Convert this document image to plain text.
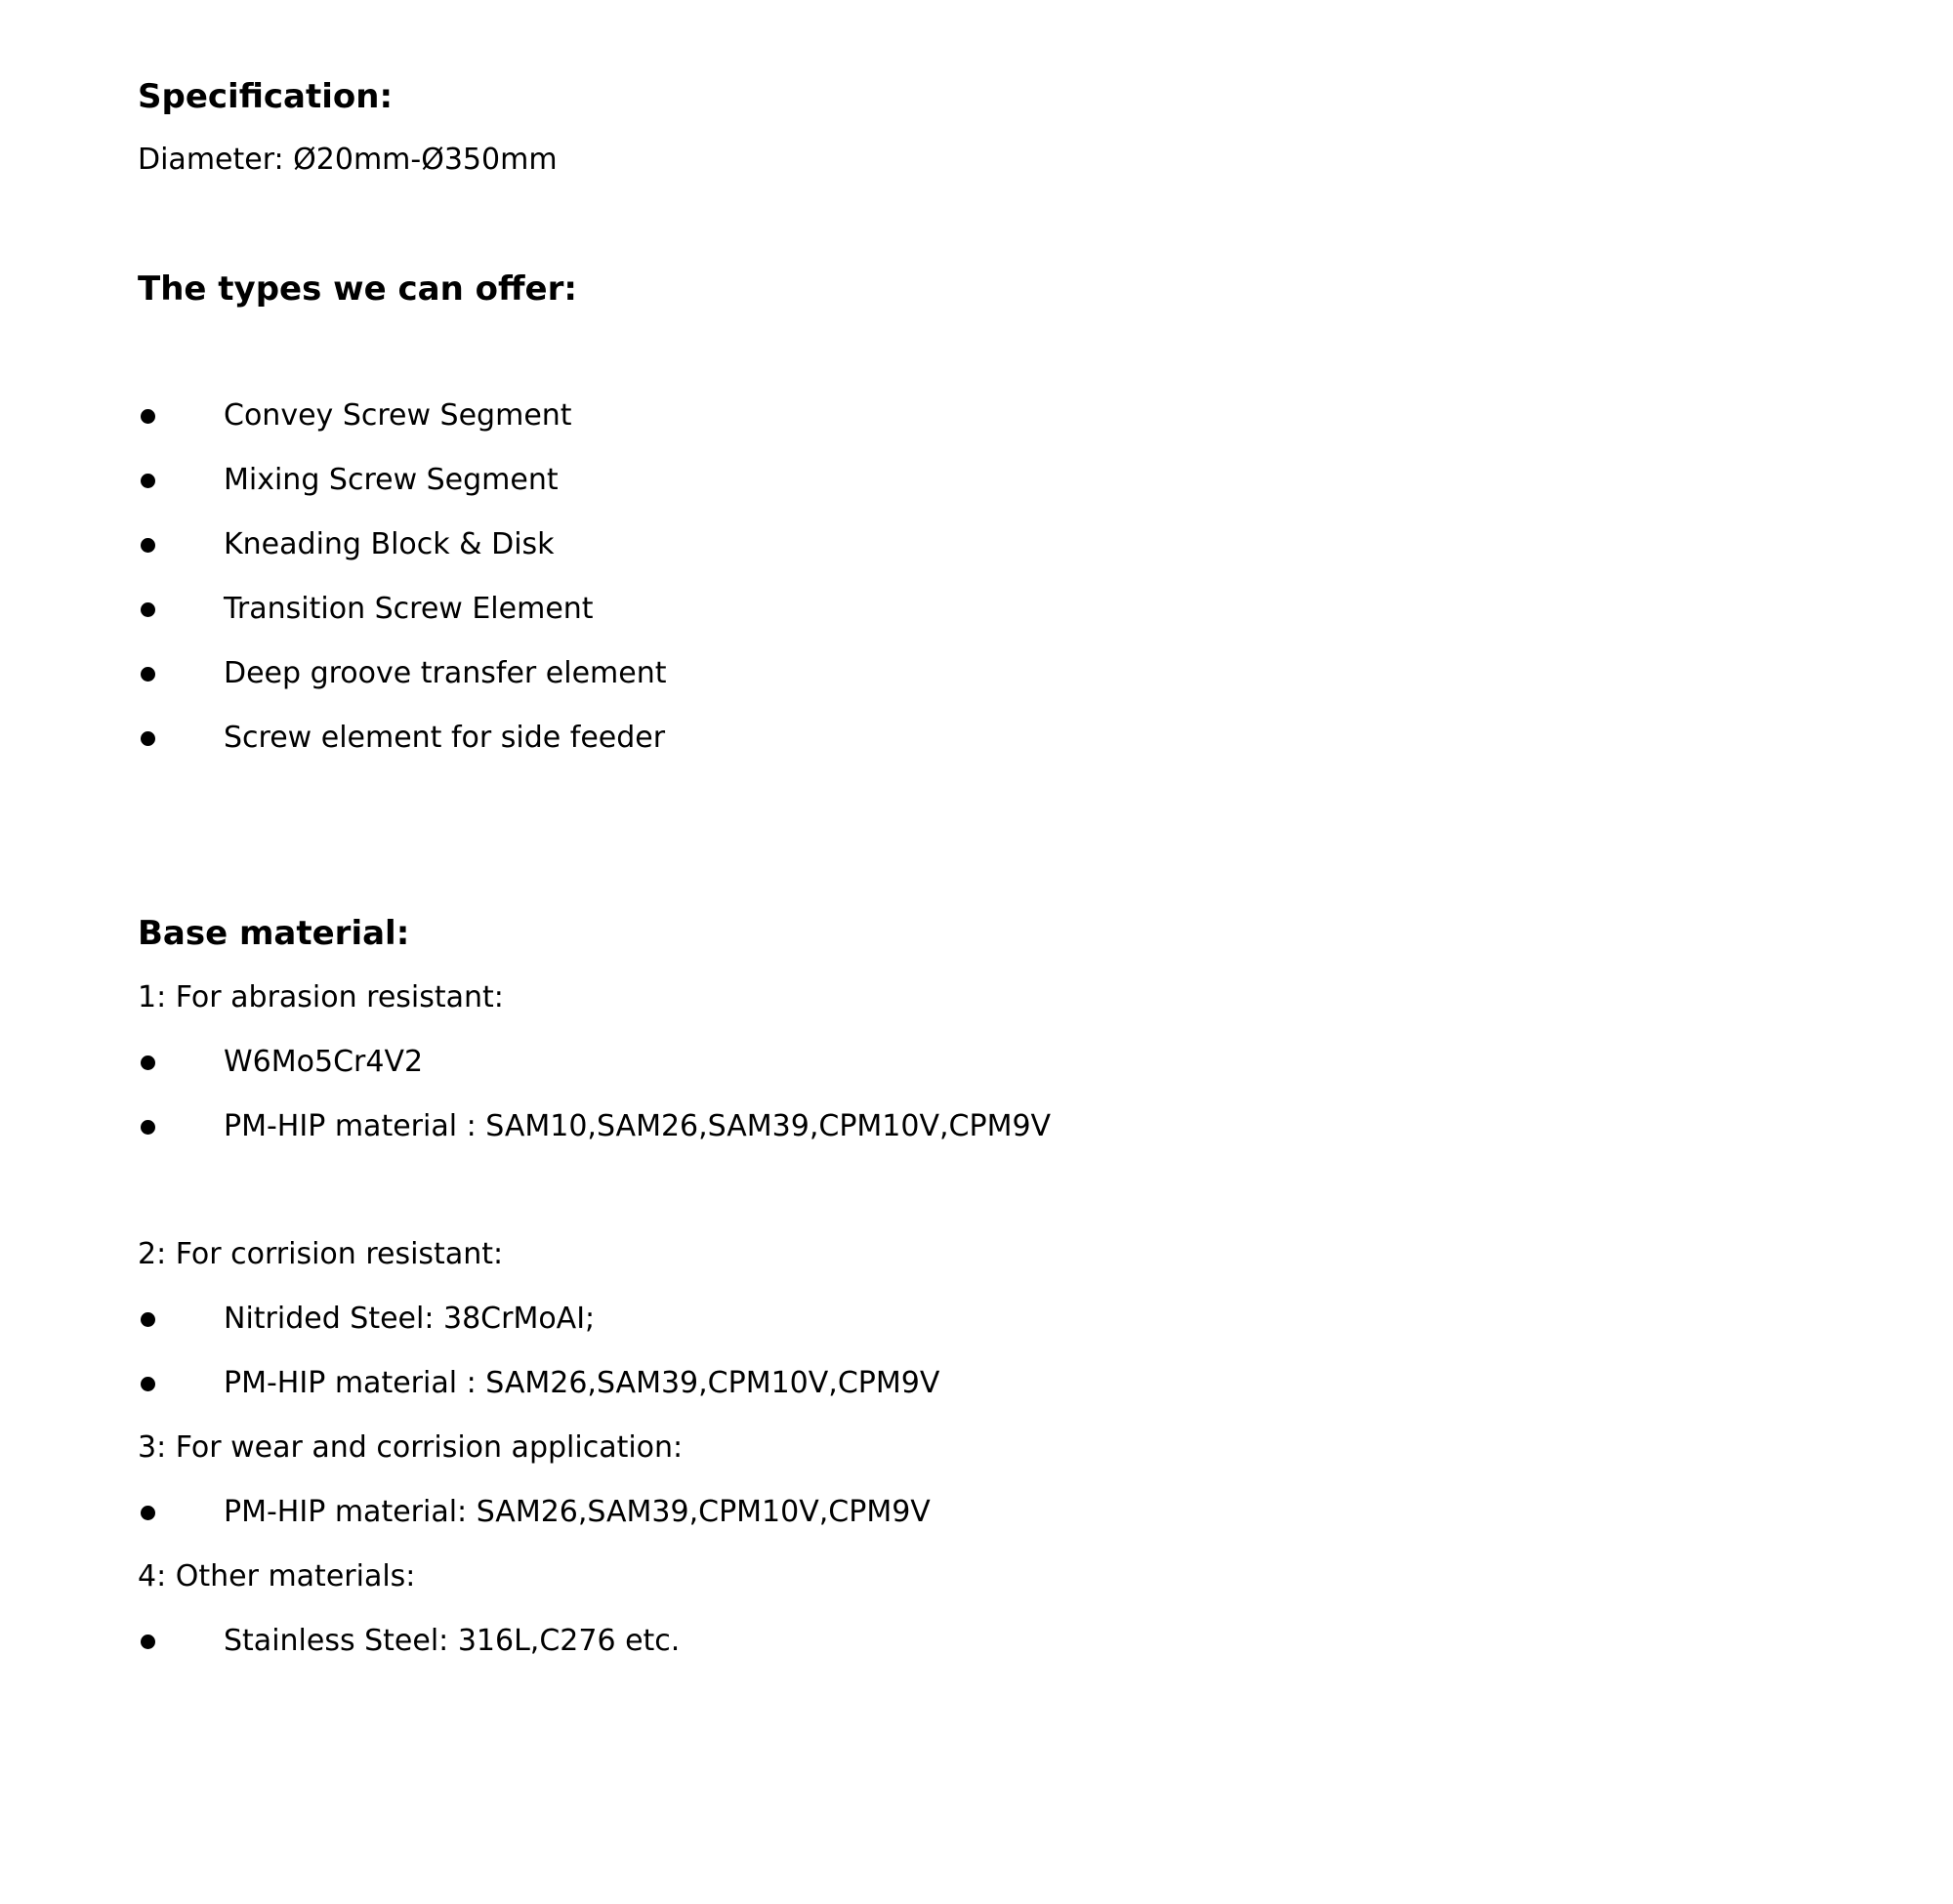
Specification:

Diameter: Ø20mm-Ø350mm

The types we can offer:
Convey Screw Segment
Mixing Screw Segment
Kneading Block & Disk
Transition Screw Element
Deep groove transfer element
Screw element for side feeder
Base material:

1: For abrasion resistant:

W6Mo5Cr4V2
PM-HIP material : SAM10,SAM26,SAM39,CPM10V,CPM9V

2: For corrision resistant:

Nitrided Steel: 38CrMoAI;
PM-HIP material : SAM26,SAM39,CPM10V,CPM9V

3: For wear and corrision application:

PM-HIP material: SAM26,SAM39,CPM10V,CPM9V

4: Other materials:

Stainless Steel: 316L,C276 etc.
